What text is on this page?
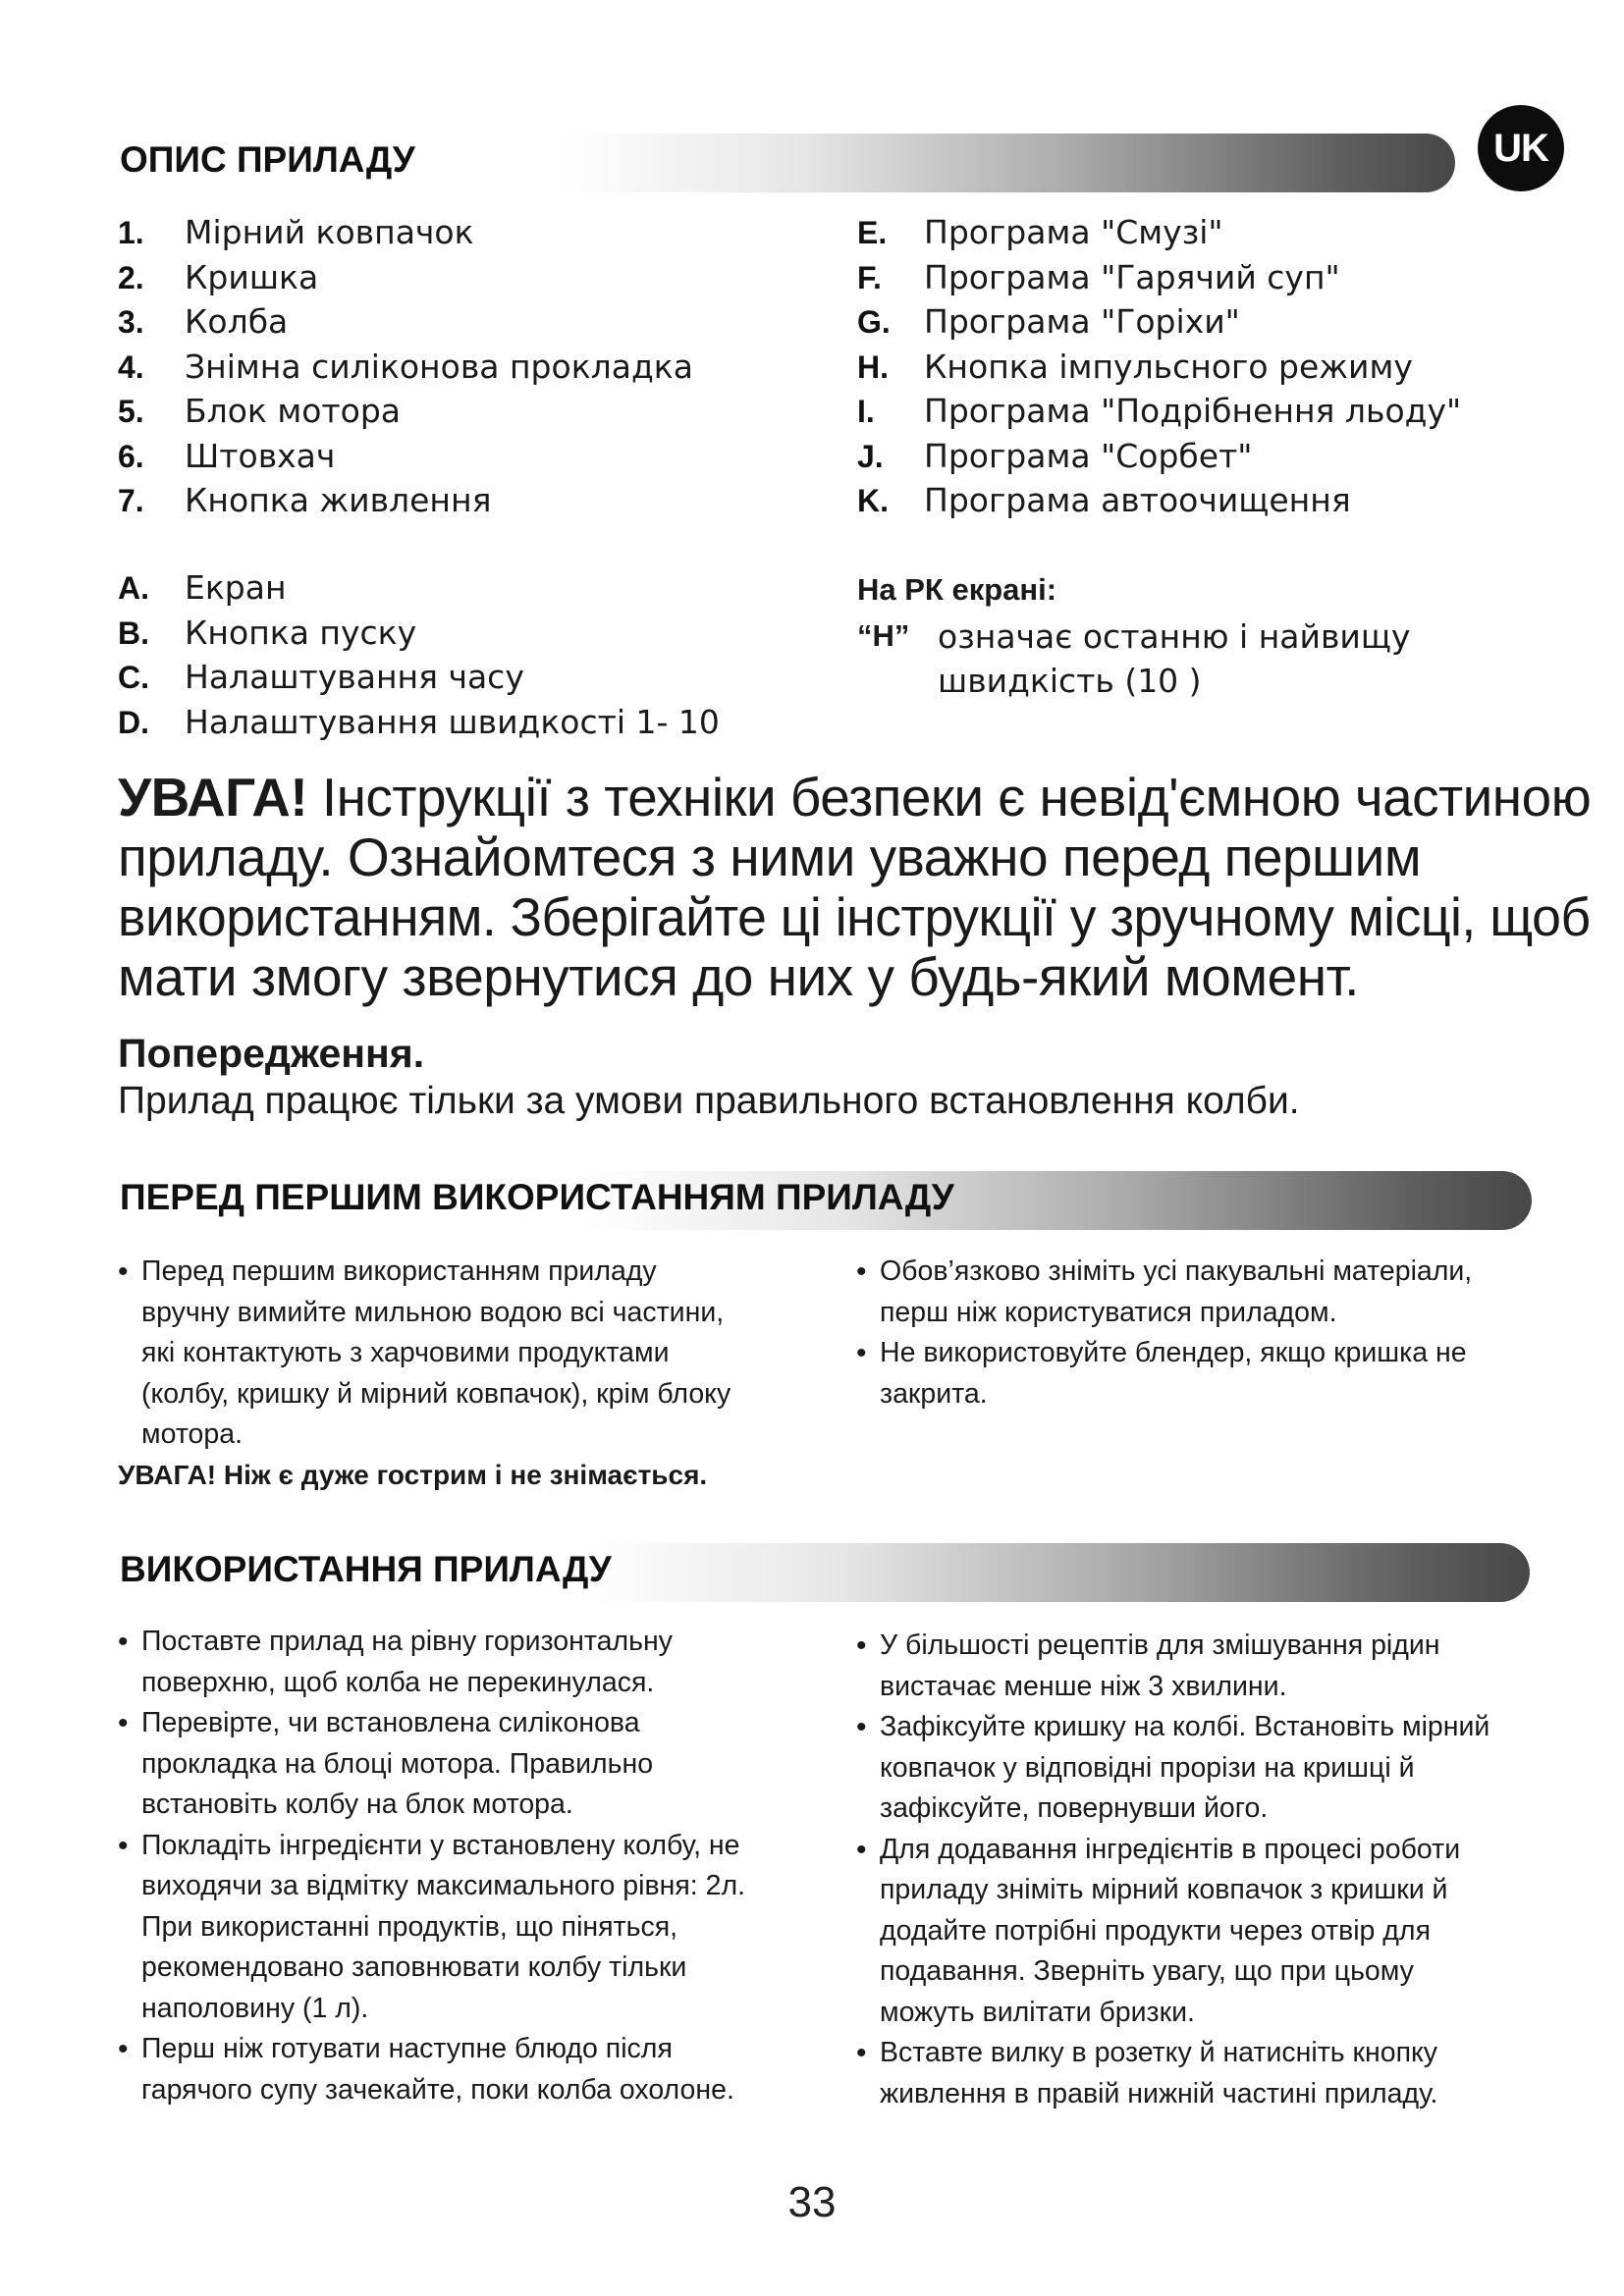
UK
ОПИС ПРИЛАДУ
1.	Мірний ковпачок
2.	Кришка
3.	Колба
4.	Знімна силіконова прокладка
5.	Блок мотора
6.	Штовхач
7.	Кнопка живлення
A.	Екран
B.	Кнопка пуску
C.	Налаштування часу
D.	Налаштування швидкості 1- 10
E.	Програма "Смузі"
F.	Програма "Гарячий суп"
G.	Програма "Горіхи"
H.	Кнопка імпульсного режиму
I.	Програма "Подрібнення льоду"
J.	Програма "Сорбет"
K.	Програма автоочищення
На РК екрані:
“H” означає останню і найвищу
швидкість (10 )
УВАГА! Інструкції з техніки безпеки є невід'ємною частиною
приладу. Ознайомтеся з ними уважно перед першим
використанням. Зберігайте ці інструкції у зручному місці, щоб
мати змогу звернутися до них у будь-який момент.
Попередження.
Прилад працює тільки за умови правильного встановлення колби.
ПЕРЕД ПЕРШИМ ВИКОРИСТАННЯМ ПРИЛАДУ
• Перед першим використанням приладу
вручну вимийте мильною водою всі частини,
які контактують з харчовими продуктами
(колбу, кришку й мірний ковпачок), крім блоку
мотора.
УВАГА! Ніж є дуже гострим і не знімається.
• Обов’язково зніміть усі пакувальні матеріали,
перш ніж користуватися приладом.
• Не використовуйте блендер, якщо кришка не
закрита.
ВИКОРИСТАННЯ ПРИЛАДУ
• Поставте прилад на рівну горизонтальну
поверхню, щоб колба не перекинулася.
• Перевірте, чи встановлена силіконова
прокладка на блоці мотора. Правильно
встановіть колбу на блок мотора.
• Покладіть інгредієнти у встановлену колбу, не
виходячи за відмітку максимального рівня: 2л.
При використанні продуктів, що піняться,
рекомендовано заповнювати колбу тільки
наполовину (1 л).
• Перш ніж готувати наступне блюдо після
гарячого супу зачекайте, поки колба охолоне.
• У більшості рецептів для змішування рідин
вистачає менше ніж 3 хвилини.
• Зафіксуйте кришку на колбі. Встановіть мірний
ковпачок у відповідні прорізи на кришці й
зафіксуйте, повернувши його.
• Для додавання інгредієнтів в процесі роботи
приладу зніміть мірний ковпачок з кришки й
додайте потрібні продукти через отвір для
подавання. Зверніть увагу, що при цьому
можуть вилітати бризки.
• Вставте вилку в розетку й натисніть кнопку
живлення в правій нижній частині приладу.
33
